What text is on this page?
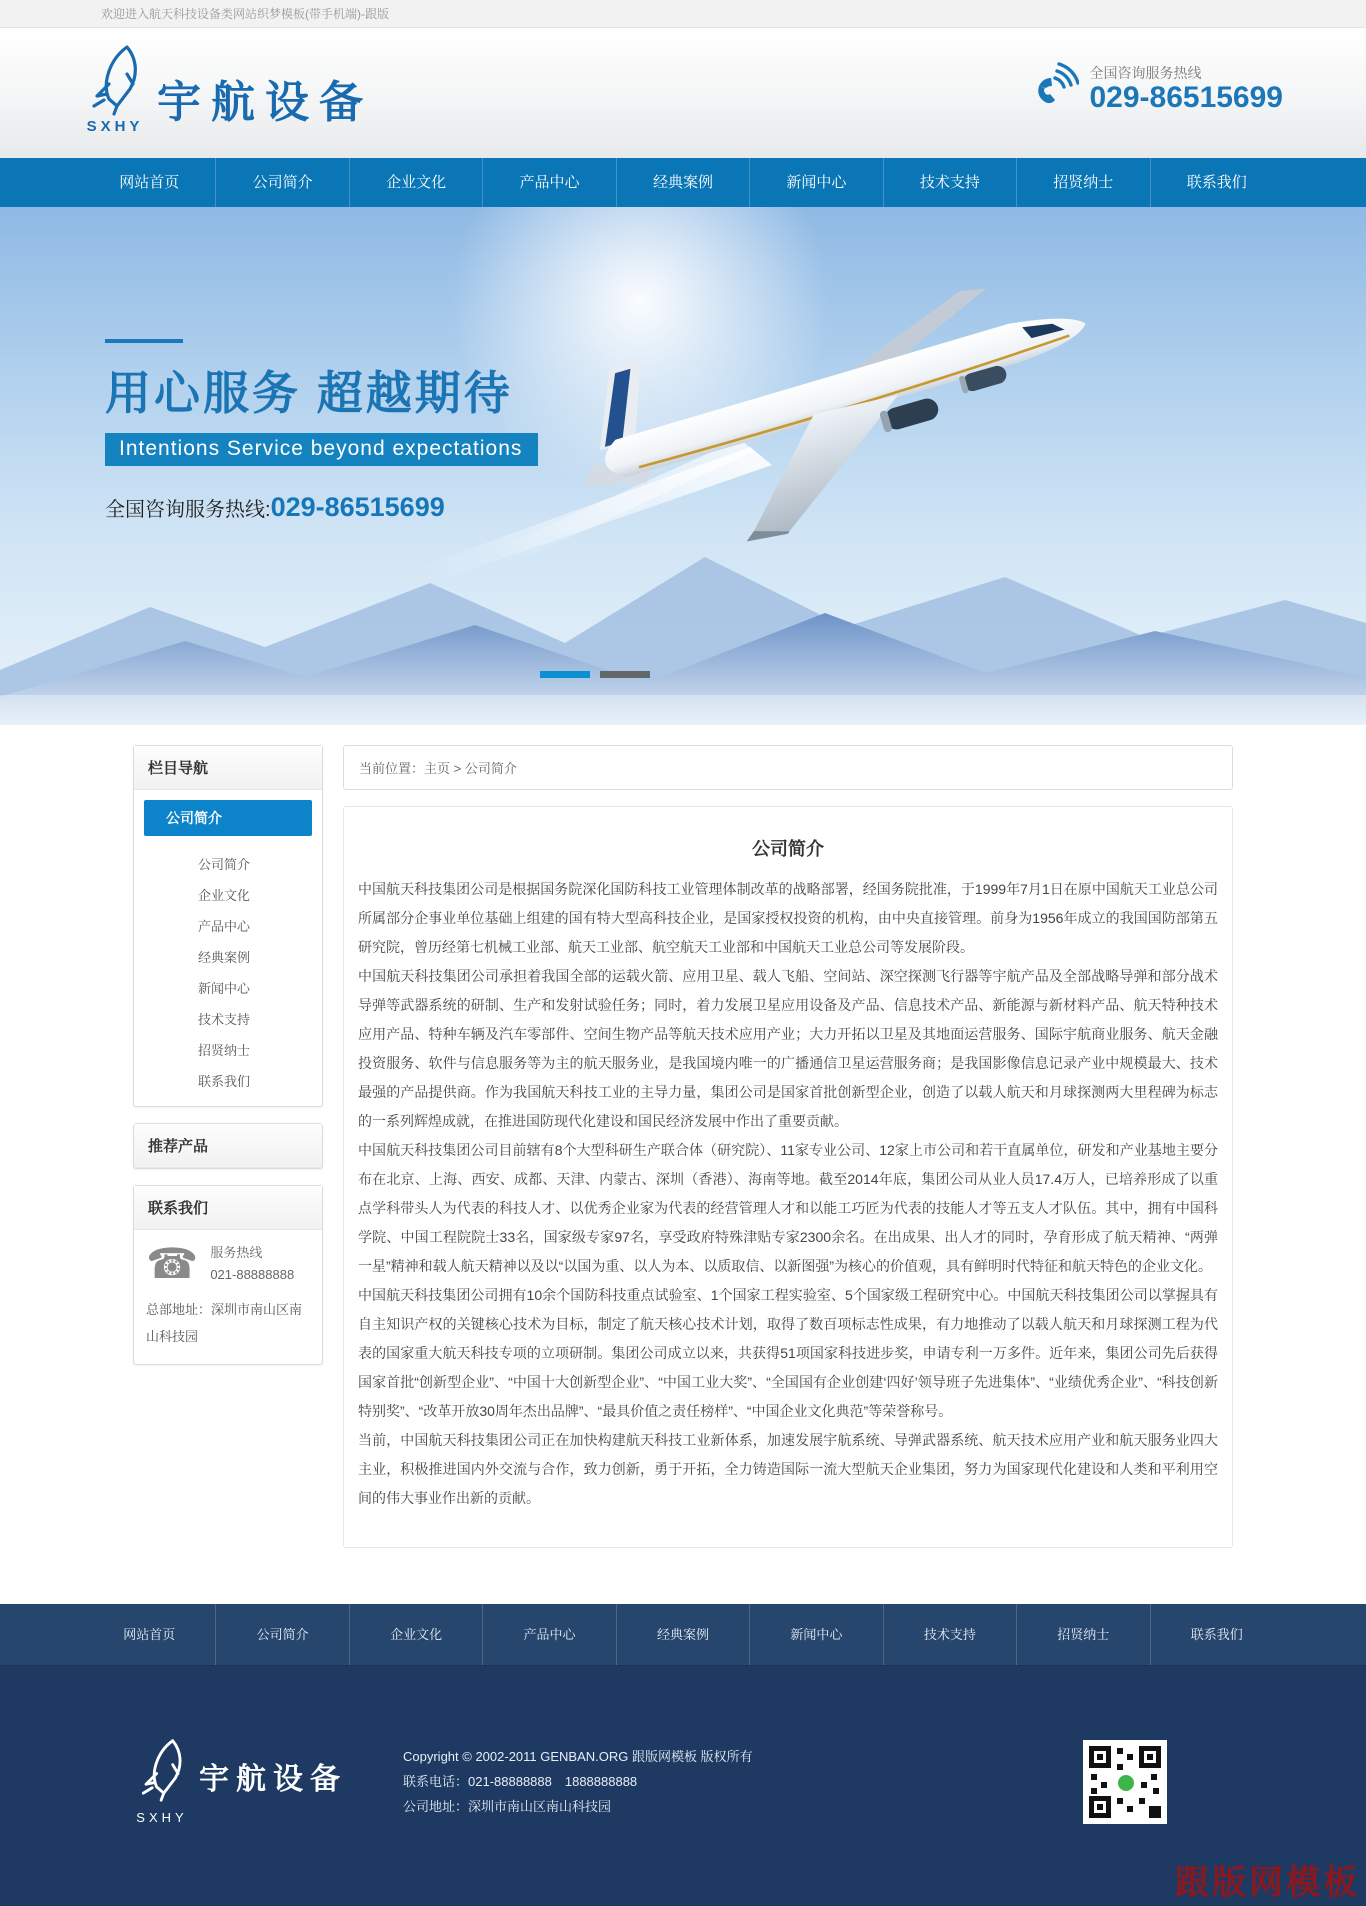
欢迎进入航天科技设备类网站织梦模板(带手机端)-跟版
SXHY 宇航设备
全国咨询服务热线
029-86515699
网站首页	公司简介	企业文化	产品中心	经典案例	新闻中心	技术支持	招贤纳士	联系我们
用心服务 超越期待
Intentions Service beyond expectations
全国咨询服务热线:029-86515699
栏目导航
公司简介
公司简介
企业文化
产品中心
经典案例
新闻中心
技术支持
招贤纳士
联系我们
推荐产品
联系我们
☎ 服务热线
021-88888888
总部地址：深圳市南山区南山科技园
当前位置：主页 > 公司简介
公司简介

中国航天科技集团公司是根据国务院深化国防科技工业管理体制改革的战略部署，经国务院批准，于1999年7月1日在原中国航天工业总公司所属部分企事业单位基础上组建的国有特大型高科技企业，是国家授权投资的机构，由中央直接管理。前身为1956年成立的我国国防部第五研究院，曾历经第七机械工业部、航天工业部、航空航天工业部和中国航天工业总公司等发展阶段。

中国航天科技集团公司承担着我国全部的运载火箭、应用卫星、载人飞船、空间站、深空探测飞行器等宇航产品及全部战略导弹和部分战术导弹等武器系统的研制、生产和发射试验任务；同时，着力发展卫星应用设备及产品、信息技术产品、新能源与新材料产品、航天特种技术应用产品、特种车辆及汽车零部件、空间生物产品等航天技术应用产业；大力开拓以卫星及其地面运营服务、国际宇航商业服务、航天金融投资服务、软件与信息服务等为主的航天服务业，是我国境内唯一的广播通信卫星运营服务商；是我国影像信息记录产业中规模最大、技术最强的产品提供商。作为我国航天科技工业的主导力量，集团公司是国家首批创新型企业，创造了以载人航天和月球探测两大里程碑为标志的一系列辉煌成就，在推进国防现代化建设和国民经济发展中作出了重要贡献。

中国航天科技集团公司目前辖有8个大型科研生产联合体（研究院）、11家专业公司、12家上市公司和若干直属单位，研发和产业基地主要分布在北京、上海、西安、成都、天津、内蒙古、深圳（香港）、海南等地。截至2014年底，集团公司从业人员17.4万人，已培养形成了以重点学科带头人为代表的科技人才、以优秀企业家为代表的经营管理人才和以能工巧匠为代表的技能人才等五支人才队伍。其中，拥有中国科学院、中国工程院院士33名，国家级专家97名，享受政府特殊津贴专家2300余名。在出成果、出人才的同时，孕育形成了航天精神、“两弹一星”精神和载人航天精神以及以“以国为重、以人为本、以质取信、以新图强”为核心的价值观，具有鲜明时代特征和航天特色的企业文化。

中国航天科技集团公司拥有10余个国防科技重点试验室、1个国家工程实验室、5个国家级工程研究中心。中国航天科技集团公司以掌握具有自主知识产权的关键核心技术为目标，制定了航天核心技术计划，取得了数百项标志性成果，有力地推动了以载人航天和月球探测工程为代表的国家重大航天科技专项的立项研制。集团公司成立以来，共获得51项国家科技进步奖，申请专利一万多件。近年来，集团公司先后获得国家首批“创新型企业”、“中国十大创新型企业”、“中国工业大奖”、“全国国有企业创建‘四好’领导班子先进集体”、“业绩优秀企业”、“科技创新特别奖”、“改革开放30周年杰出品牌”、“最具价值之责任榜样”、“中国企业文化典范”等荣誉称号。

当前，中国航天科技集团公司正在加快构建航天科技工业新体系，加速发展宇航系统、导弹武器系统、航天技术应用产业和航天服务业四大主业，积极推进国内外交流与合作，致力创新，勇于开拓，全力铸造国际一流大型航天企业集团，努力为国家现代化建设和人类和平利用空间的伟大事业作出新的贡献。

网站首页	公司简介	企业文化	产品中心	经典案例	新闻中心	技术支持	招贤纳士	联系我们
SXHY
宇航设备
Copyright © 2002-2011 GENBAN.ORG 跟版网模板 版权所有
联系电话：021-88888888　1888888888
公司地址：深圳市南山区南山科技园
跟版网模板
